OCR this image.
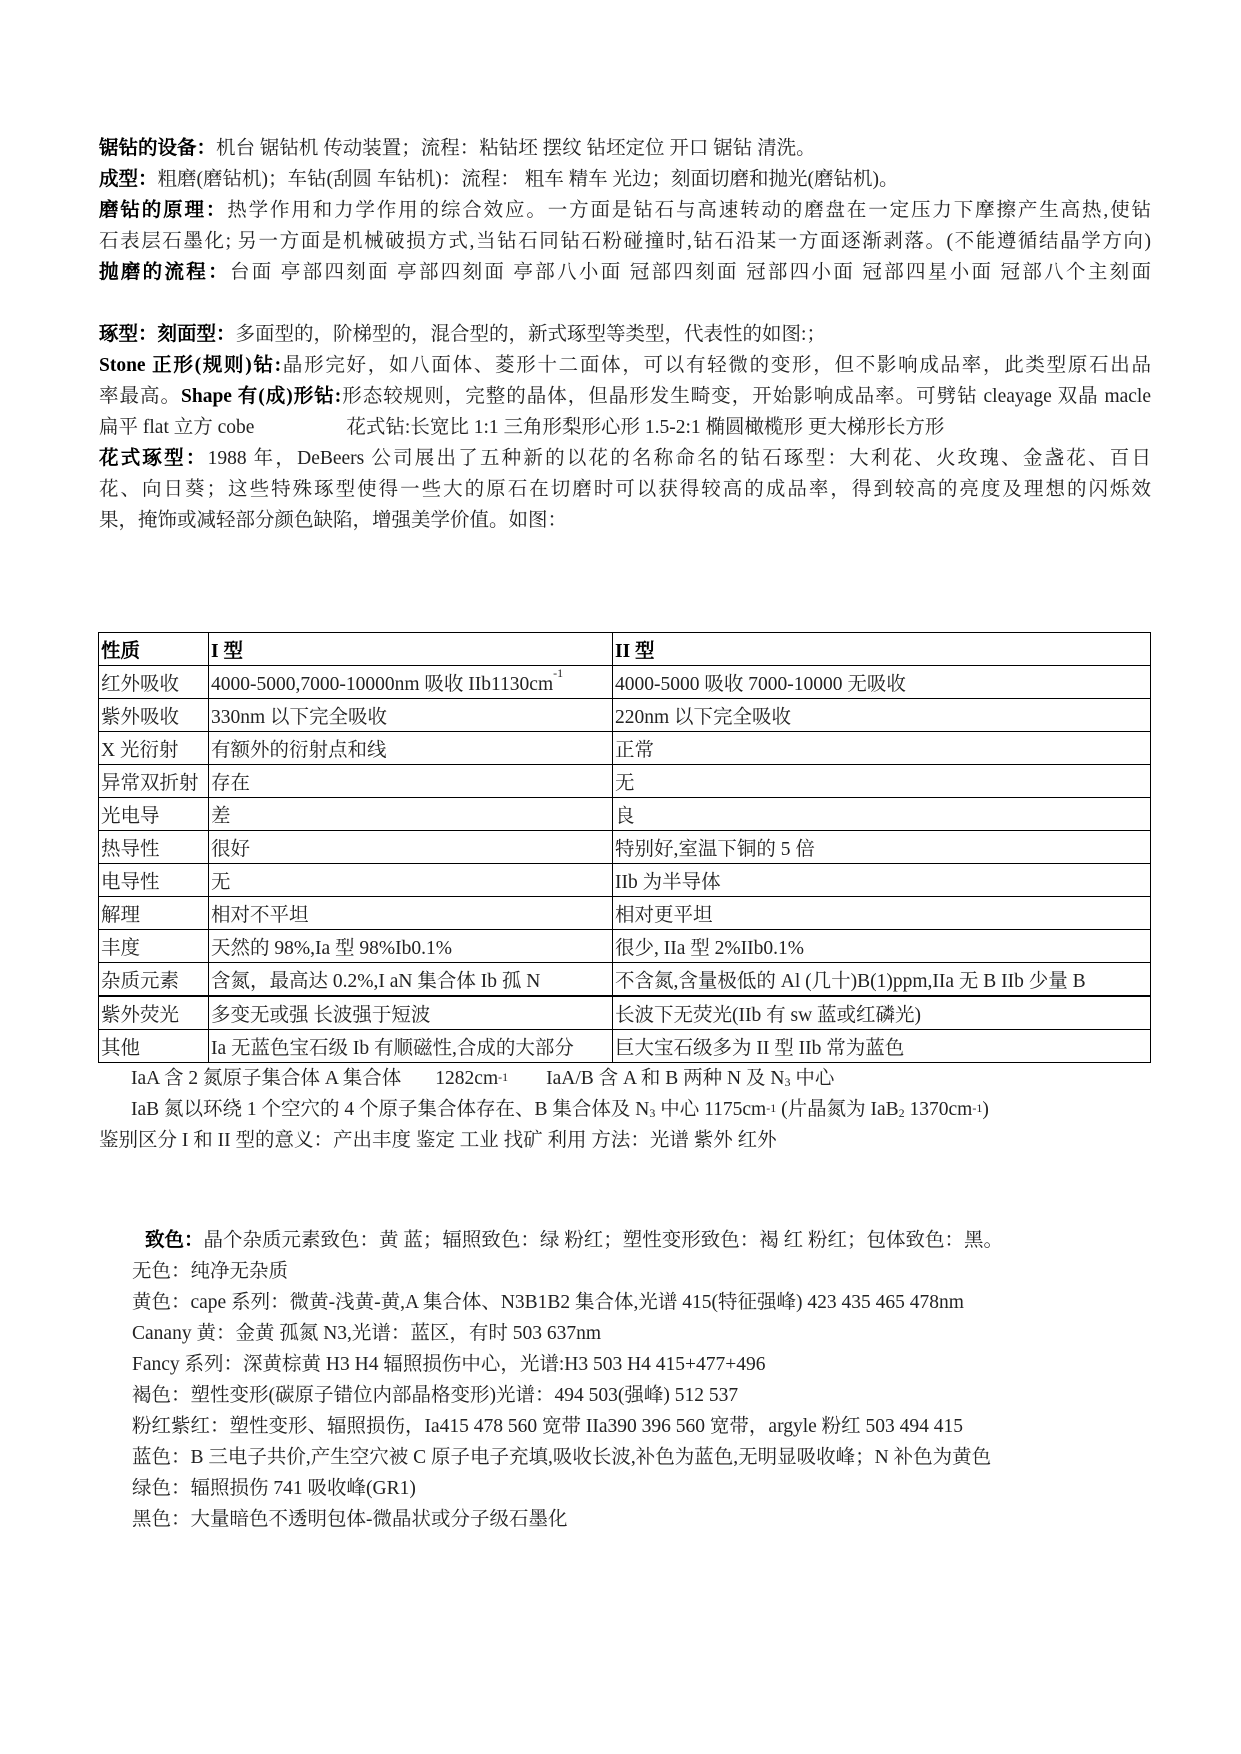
锯钻的设备：机台 锯钻机 传动装置；流程：粘钻坯 摆纹 钻坯定位 开口 锯钻 清洗。
成型：粗磨(磨钻机)；车钻(刮圆 车钻机)：流程： 粗车 精车 光边；刻面切磨和抛光(磨钻机)。
磨钻的原理：热学作用和力学作用的综合效应。一方面是钻石与高速转动的磨盘在一定压力下摩擦产生高热,使钻
石表层石墨化; 另一方面是机械破损方式,当钻石同钻石粉碰撞时,钻石沿某一方面逐渐剥落。(不能遵循结晶学方向)
抛磨的流程：台面 亭部四刻面 亭部四刻面 亭部八小面 冠部四刻面 冠部四小面 冠部四星小面 冠部八个主刻面
琢型：刻面型：多面型的，阶梯型的，混合型的，新式琢型等类型，代表性的如图:；
Stone 正形(规则)钻:晶形完好，如八面体、菱形十二面体，可以有轻微的变形，但不影响成品率，此类型原石出品
率最高。Shape 有(成)形钻:形态较规则，完整的晶体，但晶形发生畸变，开始影响成品率。可劈钻 cleayage 双晶 macle
扁平 flat 立方 cobe	花式钻:长宽比 1:1 三角形梨形心形 1.5-2:1 椭圆橄榄形 更大梯形长方形
花式琢型：1988 年，DeBeers 公司展出了五种新的以花的名称命名的钻石琢型：大利花、火玫瑰、金盏花、百日
花、向日葵；这些特殊琢型使得一些大的原石在切磨时可以获得较高的成品率，得到较高的亮度及理想的闪烁效
果，掩饰或减轻部分颜色缺陷，增强美学价值。如图：
性质	I 型	II 型
红外吸收	4000-5000,7000-10000nm 吸收 $IIb1130cm^{-1}$	4000-5000 吸收 7000-10000 无吸收
紫外吸收	330nm 以下完全吸收	220nm 以下完全吸收
X 光衍射	有额外的衍射点和线	正常
异常双折射	存在	无
光电导	差	良
热导性	很好	特别好,室温下铜的 5 倍
电导性	无	IIb 为半导体
解理	相对不平坦	相对更平坦
丰度	天然的 98%,Ia 型 98%Ib0.1%	很少, IIa 型 2%IIb0.1%
杂质元素	含氮，最高达 0.2%,I aN 集合体 Ib 孤 N	不含氮,含量极低的 Al (几十)B(1)ppm,IIa 无 B IIb 少量 B
紫外荧光	多变无或强 长波强于短波	长波下无荧光(IIb 有 sw 蓝或红磷光)
其他	Ia 无蓝色宝石级 Ib 有顺磁性,合成的大部分	巨大宝石级多为 II 型 IIb 常为蓝色
IaA 含 2 氮原子集合体 A 集合体 $1282cm^{-1}$ IaA/B 含 A 和 B 两种 N 及 $N_3$ 中心
IaB 氮以环绕 1 个空穴的 4 个原子集合体存在、B 集合体及 $N_3$ 中心 $1175cm^{-1}$ (片晶氮为 IaB$_2$ $1370cm^{-1}$)
鉴别区分 I 和 II 型的意义：产出丰度 鉴定 工业 找矿 利用 方法：光谱 紫外 红外
致色：晶个杂质元素致色：黄 蓝；辐照致色：绿 粉红；塑性变形致色：褐 红 粉红；包体致色：黑。
无色：纯净无杂质
黄色：cape 系列：微黄-浅黄-黄,A 集合体、N3B1B2 集合体,光谱 415(特征强峰) 423 435 465 478nm
Canany 黄：金黄 孤氮 N3,光谱：蓝区，有时 503 637nm
Fancy 系列：深黄棕黄 H3 H4 辐照损伤中心，光谱:H3 503 H4 415+477+496
褐色：塑性变形(碳原子错位内部晶格变形)光谱：494 503(强峰) 512 537
粉红紫红：塑性变形、辐照损伤，Ia415 478 560 宽带 IIa390 396 560 宽带，argyle 粉红 503 494 415
蓝色：B 三电子共价,产生空穴被 C 原子电子充填,吸收长波,补色为蓝色,无明显吸收峰；N 补色为黄色
绿色：辐照损伤 741 吸收峰(GR1)
黑色：大量暗色不透明包体-微晶状或分子级石墨化
